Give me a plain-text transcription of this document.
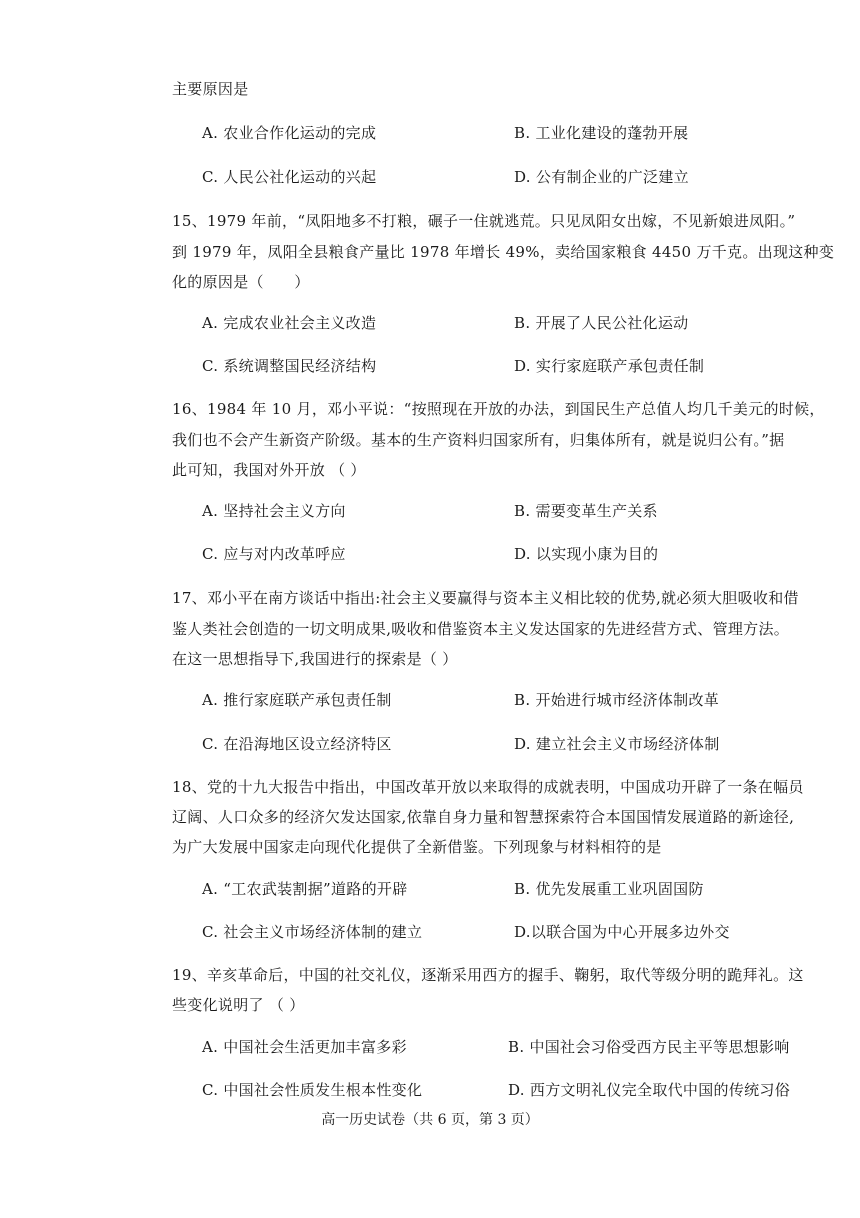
主要原因是
A. 农业合作化运动的完成	B. 工业化建设的蓬勃开展
C. 人民公社化运动的兴起	D. 公有制企业的广泛建立
15、1979 年前，“凤阳地多不打粮，碾子一住就逃荒。只见凤阳女出嫁，不见新娘进凤阳。”
到 1979 年，凤阳全县粮食产量比 1978 年增长 49%，卖给国家粮食 4450 万千克。出现这种变
化的原因是（　　）
A. 完成农业社会主义改造	B. 开展了人民公社化运动
C. 系统调整国民经济结构	D. 实行家庭联产承包责任制
16、1984 年 10 月，邓小平说：“按照现在开放的办法，到国民生产总值人均几千美元的时候，
我们也不会产生新资产阶级。基本的生产资料归国家所有，归集体所有，就是说归公有。”据
此可知，我国对外开放 （ ）
A. 坚持社会主义方向	B. 需要变革生产关系
C. 应与对内改革呼应	D. 以实现小康为目的
17、邓小平在南方谈话中指出:社会主义要赢得与资本主义相比较的优势,就必须大胆吸收和借
鉴人类社会创造的一切文明成果,吸收和借鉴资本主义发达国家的先进经营方式、管理方法。
在这一思想指导下,我国进行的探索是（ ）
A. 推行家庭联产承包责任制	B. 开始进行城市经济体制改革
C. 在沿海地区设立经济特区	D. 建立社会主义市场经济体制
18、党的十九大报告中指出，中国改革开放以来取得的成就表明，中国成功开辟了一条在幅员
辽阔、人口众多的经济欠发达国家,依靠自身力量和智慧探索符合本国国情发展道路的新途径,
为广大发展中国家走向现代化提供了全新借鉴。下列现象与材料相符的是
A. “工农武装割据”道路的开辟	B. 优先发展重工业巩固国防
C. 社会主义市场经济体制的建立	D.以联合国为中心开展多边外交
19、辛亥革命后，中国的社交礼仪，逐渐采用西方的握手、鞠躬，取代等级分明的跪拜礼。这
些变化说明了 （ ）
A. 中国社会生活更加丰富多彩	B. 中国社会习俗受西方民主平等思想影响
C. 中国社会性质发生根本性变化	D. 西方文明礼仪完全取代中国的传统习俗
高一历史试卷（共 6 页，第 3 页）
